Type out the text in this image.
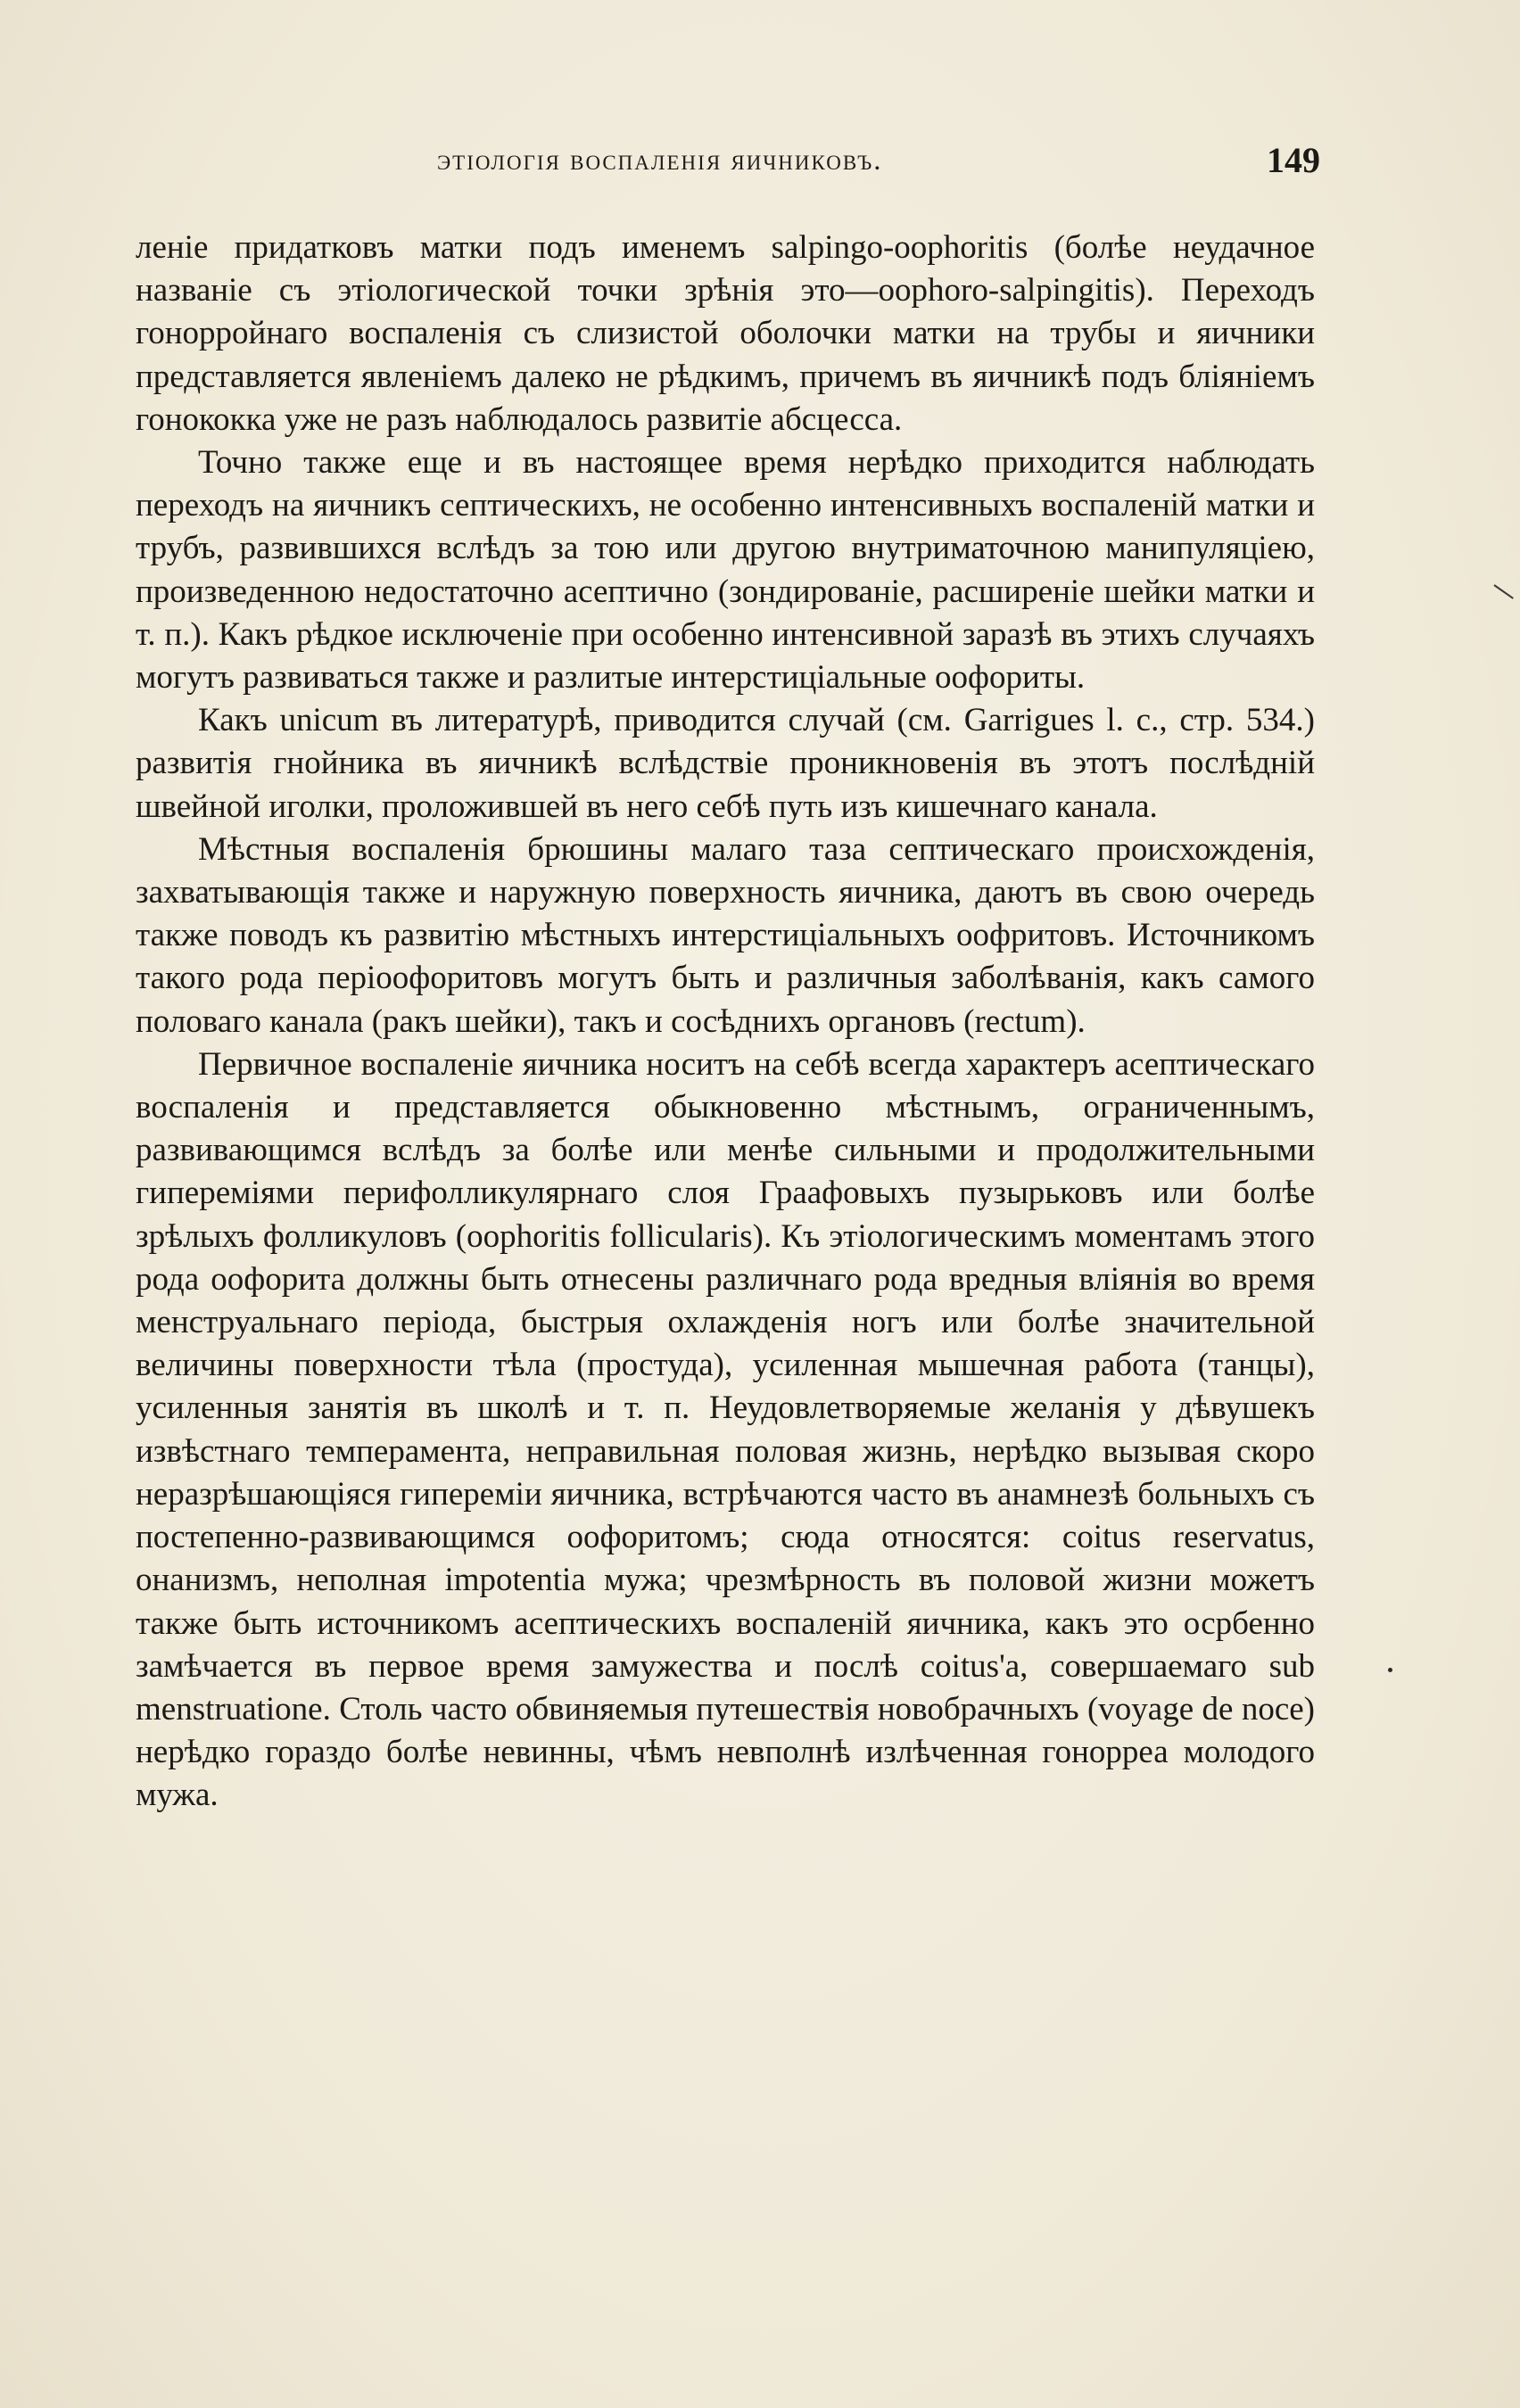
этіологія воспаленія яичниковъ.	149

леніе придатковъ матки подъ именемъ salpingo-oophoritis (болѣе неудачное названіе съ этіологической точки зрѣнія это—oophoro-salpingitis). Переходъ гонорройнаго воспаленія съ слизистой оболочки матки на трубы и яичники представляется явленіемъ далеко не рѣдкимъ, причемъ въ яичникѣ подъ бліяніемъ гонококка уже не разъ наблюдалось развитіе абсцесса.

Точно также еще и въ настоящее время нерѣдко приходится наблюдать переходъ на яичникъ септическихъ, не особенно интенсивныхъ воспаленій матки и трубъ, развившихся вслѣдъ за тою или другою внутриматочною манипуляціею, произведенною недостаточно асептично (зондированіе, расширеніе шейки матки и т. п.). Какъ рѣдкое исключеніе при особенно интенсивной заразѣ въ этихъ случаяхъ могутъ развиваться также и разлитые интерстиціальные оофориты.

Какъ unicum въ литературѣ, приводится случай (см. Garrigues l. c., стр. 534.) развитія гнойника въ яичникѣ вслѣдствіе проникновенія въ этотъ послѣдній швейной иголки, проложившей въ него себѣ путь изъ кишечнаго канала.

Мѣстныя воспаленія брюшины малаго таза септическаго происхожденія, захватывающія также и наружную поверхность яичника, даютъ въ свою очередь также поводъ къ развитію мѣстныхъ интерстиціальныхъ оофритовъ. Источникомъ такого рода періоофоритовъ могутъ быть и различныя заболѣванія, какъ самого половаго канала (ракъ шейки), такъ и сосѣднихъ органовъ (rectum).

Первичное воспаленіе яичника носитъ на себѣ всегда характеръ асептическаго воспаленія и представляется обыкновенно мѣстнымъ, ограниченнымъ, развивающимся вслѣдъ за болѣе или менѣе сильными и продолжительными гипереміями перифолликулярнаго слоя Граафовыхъ пузырьковъ или болѣе зрѣлыхъ фолликуловъ (oophoritis follicularis). Къ этіологическимъ моментамъ этого рода оофорита должны быть отнесены различнаго рода вредныя вліянія во время менструальнаго періода, быстрыя охлажденія ногъ или болѣе значительной величины поверхности тѣла (простуда), усиленная мышечная работа (танцы), усиленныя занятія въ школѣ и т. п. Неудовлетворяемые желанія у дѣвушекъ извѣстнаго темперамента, неправильная половая жизнь, нерѣдко вызывая скоро неразрѣшающіяся гипереміи яичника, встрѣчаются часто въ анамнезѣ больныхъ съ постепенно-развивающимся оофоритомъ; сюда относятся: coitus reservatus, онанизмъ, неполная impotentia мужа; чрезмѣрность въ половой жизни можетъ также быть источникомъ асептическихъ воспаленій яичника, какъ это осрбенно замѣчается въ первое время замужества и послѣ coitus'a, совершаемаго sub menstruatione. Столь часто обвиняемыя путешествія новобрачныхъ (voyage de noce) нерѣдко гораздо болѣе невинны, чѣмъ невполнѣ излѣченная гонорреа молодого мужа.
